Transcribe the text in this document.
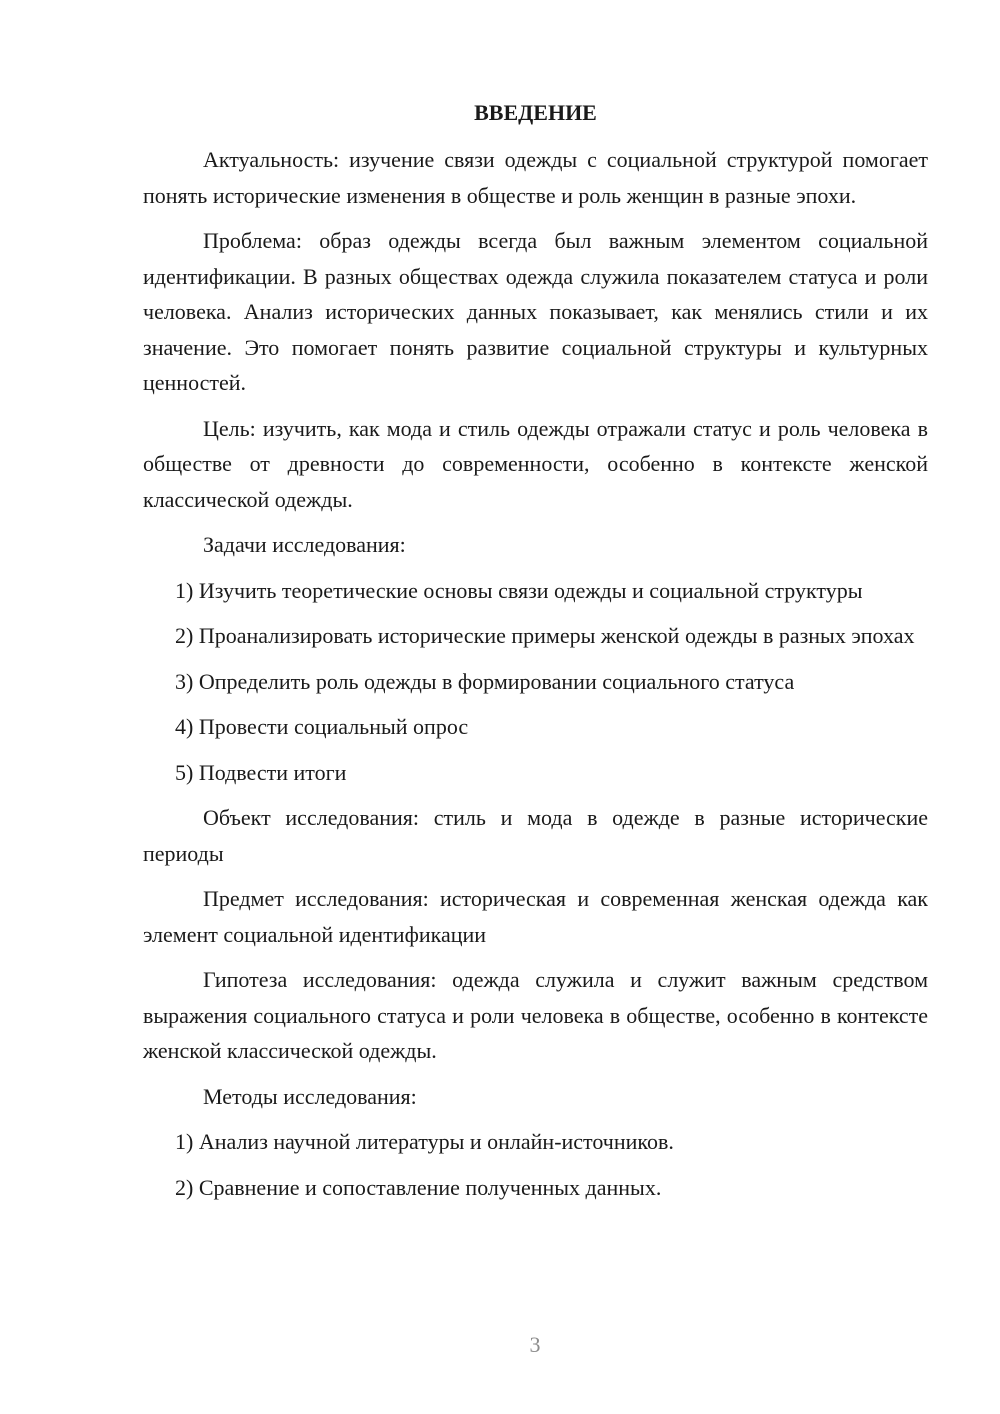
ВВЕДЕНИЕ

Актуальность: изучение связи одежды с социальной структурой помогает понять исторические изменения в обществе и роль женщин в разные эпохи.

Проблема: образ одежды всегда был важным элементом социальной идентификации. В разных обществах одежда служила показателем статуса и роли человека. Анализ исторических данных показывает, как менялись стили и их значение. Это помогает понять развитие социальной структуры и культурных ценностей.

Цель: изучить, как мода и стиль одежды отражали статус и роль человека в обществе от древности до современности, особенно в контексте женской классической одежды.

Задачи исследования:

1) Изучить теоретические основы связи одежды и социальной структуры

2) Проанализировать исторические примеры женской одежды в разных эпохах

3) Определить роль одежды в формировании социального статуса

4) Провести социальный опрос

5) Подвести итоги

Объект исследования: стиль и мода в одежде в разные исторические периоды

Предмет исследования: историческая и современная женская одежда как элемент социальной идентификации

Гипотеза исследования: одежда служила и служит важным средством выражения социального статуса и роли человека в обществе, особенно в контексте женской классической одежды.

Методы исследования:

1) Анализ научной литературы и онлайн-источников.

2) Сравнение и сопоставление полученных данных.

3
